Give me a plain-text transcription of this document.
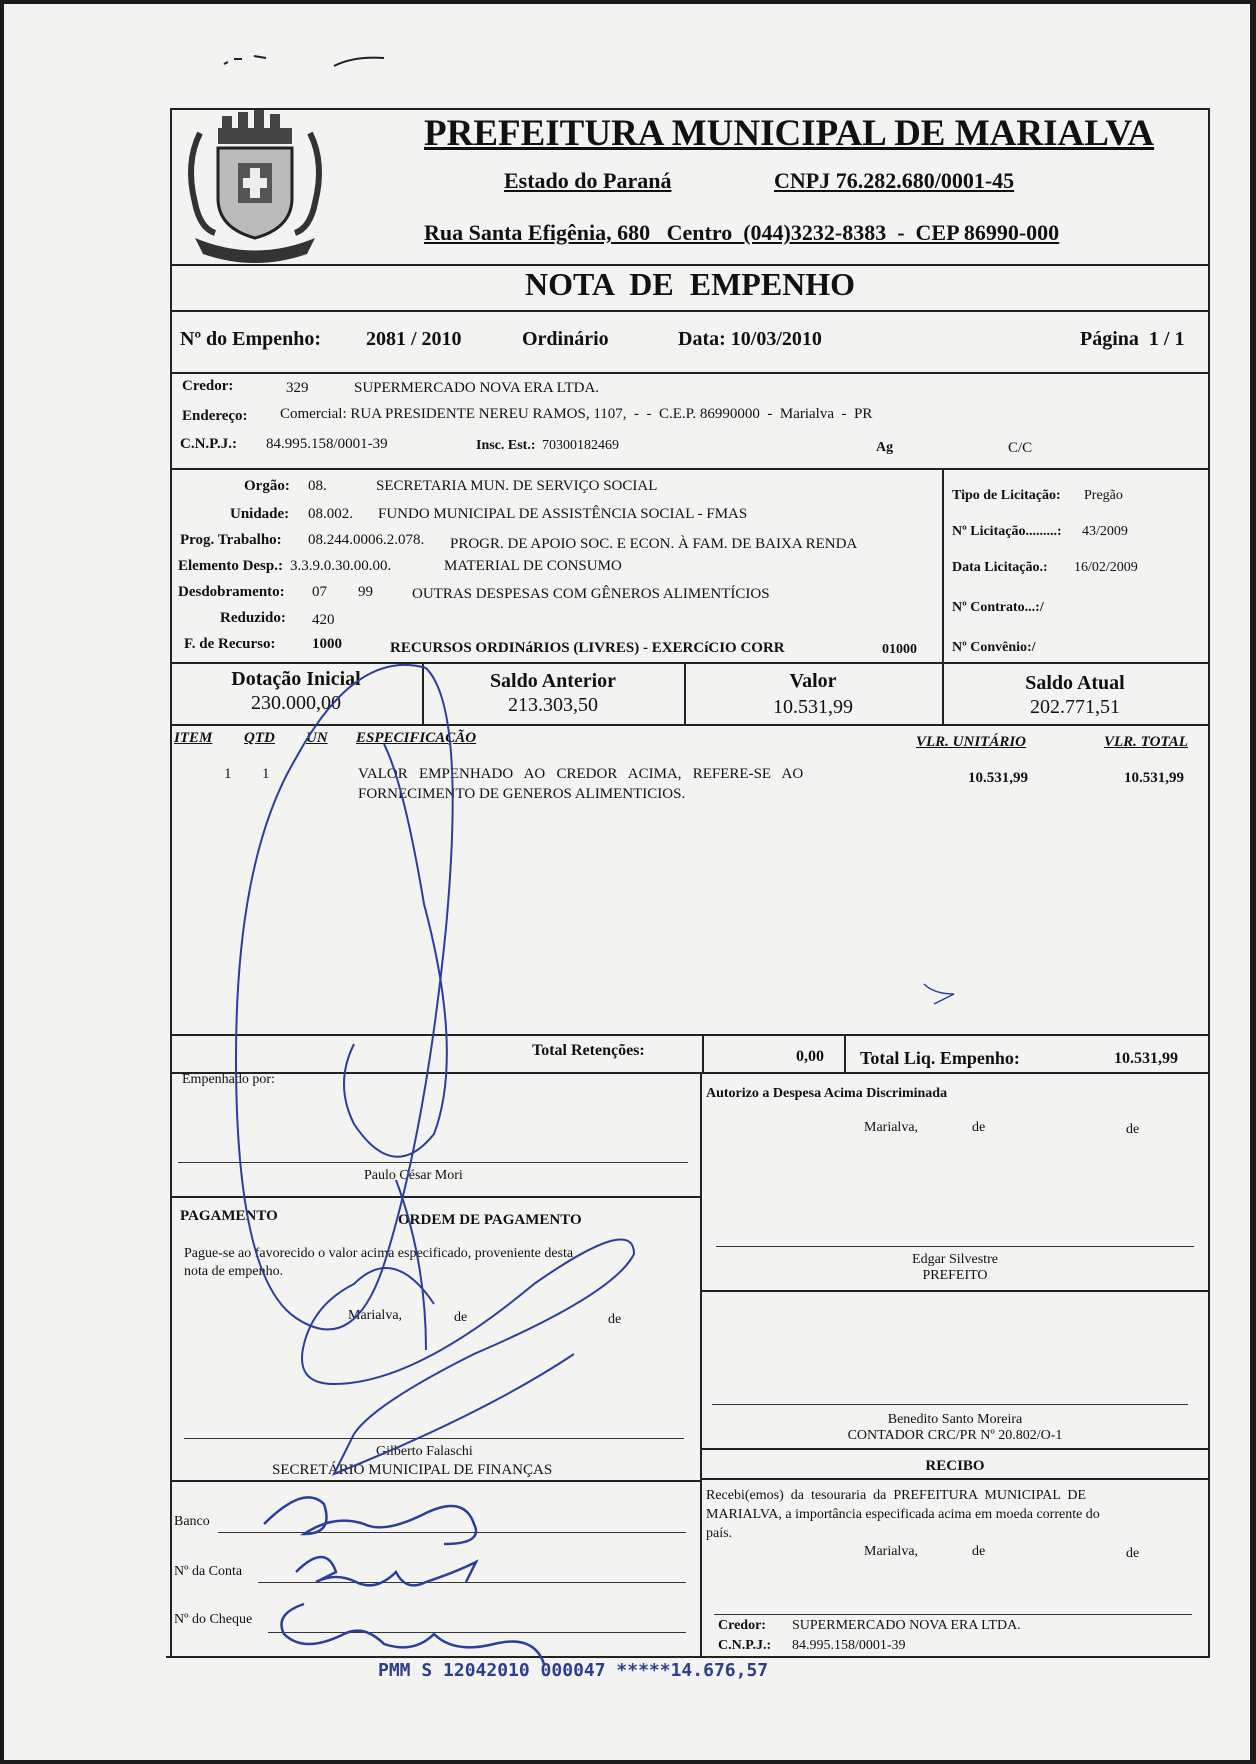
PREFEITURA MUNICIPAL DE MARIALVA
Estado do Paraná	CNPJ 76.282.680/0001-45
Rua Santa Efigênia, 680   Centro  (044)3232-8383  -  CEP 86990-000
NOTA  DE  EMPENHO
Nº do Empenho: 2081 / 2010	Ordinário	Data: 10/03/2010	Página  1 / 1
Credor:	329	SUPERMERCADO NOVA ERA LTDA.
Endereço: Comercial: RUA PRESIDENTE NEREU RAMOS, 1107,  -  -  C.E.P. 86990000  -  Marialva  -  PR
C.N.P.J.: 84.995.158/0001-39	Insc. Est.: 70300182469	Ag	C/C
Orgão: 08.	SECRETARIA MUN. DE SERVIÇO SOCIAL
Unidade: 08.002. FUNDO MUNICIPAL DE ASSISTÊNCIA SOCIAL - FMAS
Prog. Trabalho: 08.244.0006.2.078. PROGR. DE APOIO SOC. E ECON. À FAM. DE BAIXA RENDA
Elemento Desp.: 3.3.9.0.30.00.00.	MATERIAL DE CONSUMO
Desdobramento: 07 99	OUTRAS DESPESAS COM GÊNEROS ALIMENTÍCIOS
Reduzido: 420
F. de Recurso: 1000	RECURSOS ORDINáRIOS (LIVRES) - EXERCíCIO CORR	01000
Tipo de Licitação: Pregão
Nº Licitação.........: 43/2009
Data Licitação.: 16/02/2009
Nº Contrato...:/
Nº Convênio:/
Dotação Inicial
230.000,00
Saldo Anterior
213.303,50
Valor
10.531,99
Saldo Atual
202.771,51
ITEM QTD UN ESPECIFICAÇÃO	VLR. UNITÁRIO	VLR. TOTAL
1 1	VALOR   EMPENHADO   AO   CREDOR   ACIMA,   REFERE-SE   AO
FORNECIMENTO DE GENEROS ALIMENTICIOS.
10.531,99	10.531,99
Total Retenções:	0,00 Total Liq. Empenho:	10.531,99
Empenhado por:
Paulo César Mori
Autorizo a Despesa Acima Discriminada
Marialva,	de	de
PAGAMENTO	ORDEM DE PAGAMENTO
Pague-se ao favorecido o valor acima especificado, proveniente desta
nota de empenho.
Marialva,	de	de
Edgar Silvestre
PREFEITO
Gilberto Falaschi
SECRETÁRIO MUNICIPAL DE FINANÇAS
Benedito Santo Moreira
CONTADOR CRC/PR Nº 20.802/O-1
RECIBO
Banco
Nº da Conta
Nº do Cheque
Recebi(emos)  da  tesouraria  da  PREFEITURA  MUNICIPAL  DE
MARIALVA, a importância especificada acima em moeda corrente do
país.
Marialva,	de	de
Credor: SUPERMERCADO NOVA ERA LTDA.
C.N.P.J.: 84.995.158/0001-39
PMM S 12042010 000047 *****14.676,57
